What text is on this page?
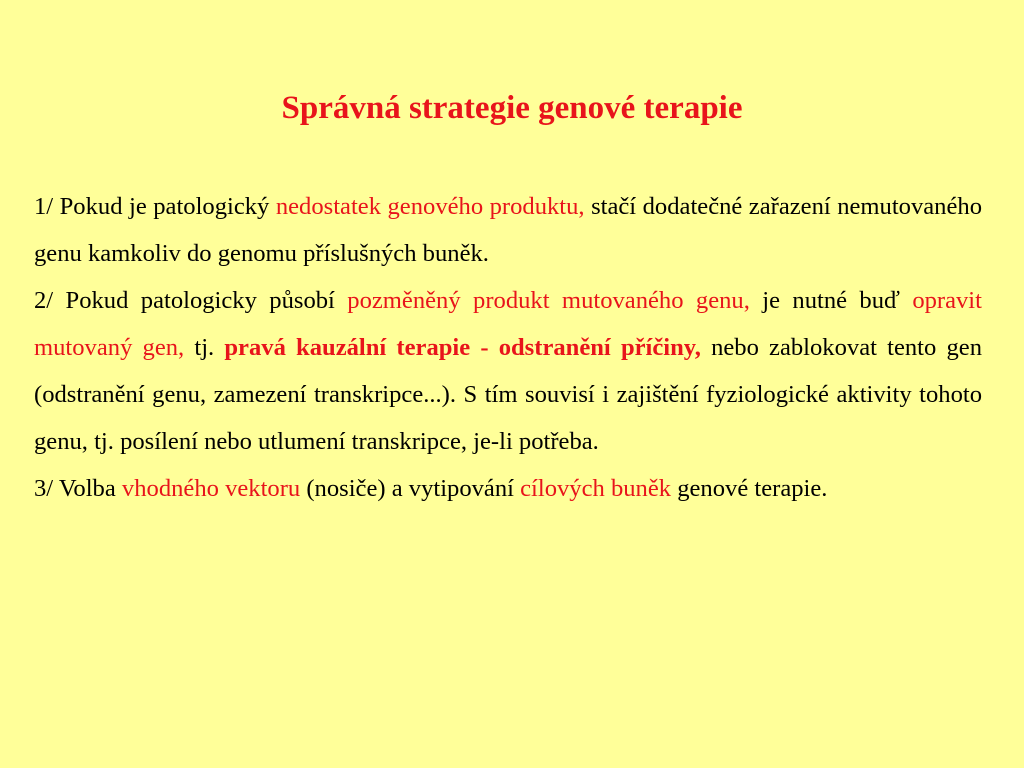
Správná strategie genové terapie

1/ Pokud je patologický nedostatek genového produktu, stačí dodatečné zařazení nemutovaného genu kamkoliv do genomu příslušných buněk.

2/ Pokud patologicky působí pozměněný produkt mutovaného genu, je nutné buď opravit mutovaný gen, tj. pravá kauzální terapie - odstranění příčiny, nebo zablokovat tento gen (odstranění genu, zamezení transkripce...). S tím souvisí i zajištění fyziologické aktivity tohoto genu, tj. posílení nebo utlumení transkripce, je-li potřeba.

3/ Volba vhodného vektoru (nosiče) a vytipování cílových buněk genové terapie.
